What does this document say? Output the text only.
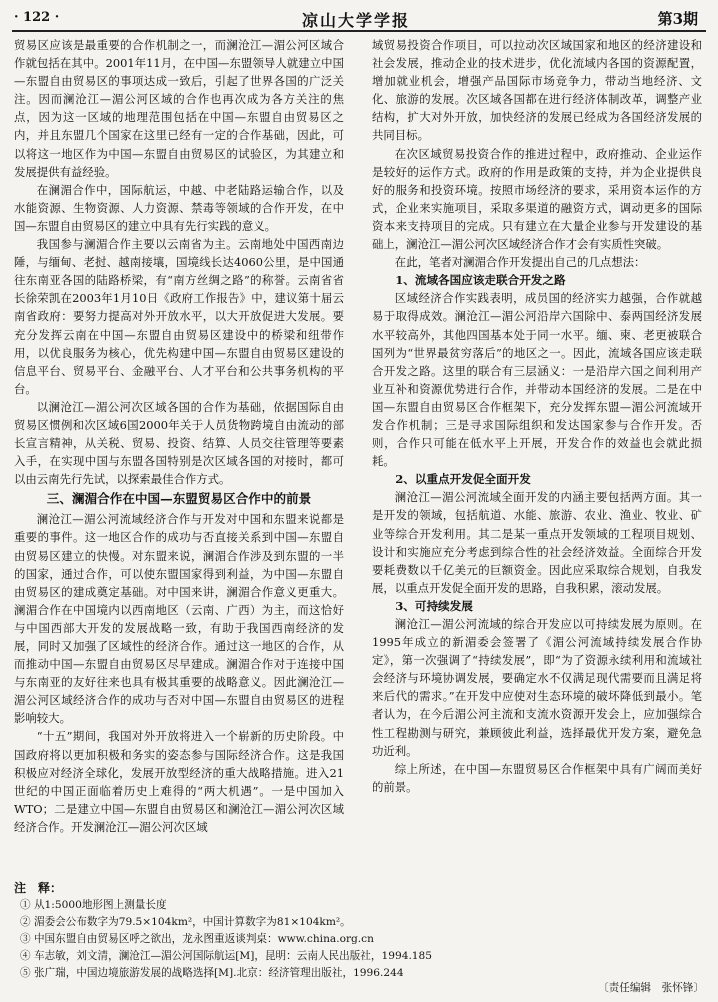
· 122 ·	凉山大学学报	第3期

贸易区应该是最重要的合作机制之一，而澜沧江—湄公河区域合作就包括在其中。2001年11月，在中国—东盟领导人就建立中国—东盟自由贸易区的事项达成一致后，引起了世界各国的广泛关注。因而澜沧江—湄公河区域的合作也再次成为各方关注的焦点，因为这一区域的地理范围包括在中国—东盟自由贸易区之内，并且东盟几个国家在这里已经有一定的合作基础，因此，可以将这一地区作为中国—东盟自由贸易区的试验区，为其建立和发展提供有益经验。

在澜湄合作中，国际航运，中越、中老陆路运输合作，以及水能资源、生物资源、人力资源、禁毒等领域的合作开发，在中国—东盟自由贸易区的建立中具有先行实践的意义。

我国参与澜湄合作主要以云南省为主。云南地处中国西南边陲，与缅甸、老挝、越南接壤，国境线长达4060公里，是中国通往东南亚各国的陆路桥梁，有“南方丝绸之路”的称誉。云南省省长徐荣凯在2003年1月10日《政府工作报告》中，建议第十届云南省政府：要努力提高对外开放水平，以大开放促进大发展。要充分发挥云南在中国—东盟自由贸易区建设中的桥梁和纽带作用，以优良服务为核心，优先构建中国—东盟自由贸易区建设的信息平台、贸易平台、金融平台、人才平台和公共事务机构的平台。

以澜沧江—湄公河次区域各国的合作为基础，依据国际自由贸易区惯例和次区域6国2000年关于人员货物跨境自由流动的部长宣言精神，从关税、贸易、投资、结算、人员交往管理等要素入手，在实现中国与东盟各国特别是次区域各国的对接时，都可以由云南先行先试，以探索最佳合作方式。

三、澜湄合作在中国—东盟贸易区合作中的前景

澜沧江—湄公河流域经济合作与开发对中国和东盟来说都是重要的事件。这一地区合作的成功与否直接关系到中国—东盟自由贸易区建立的快慢。对东盟来说，澜湄合作涉及到东盟的一半的国家，通过合作，可以使东盟国家得到利益，为中国—东盟自由贸易区的建成奠定基础。对中国来讲，澜湄合作意义更重大。澜湄合作在中国境内以西南地区（云南、广西）为主，而这恰好与中国西部大开发的发展战略一致，有助于我国西南经济的发展，同时又加强了区域性的经济合作。通过这一地区的合作，从而推动中国—东盟自由贸易区尽早建成。澜湄合作对于连接中国与东南亚的友好往来也具有极其重要的战略意义。因此澜沧江—湄公河区域经济合作的成功与否对中国—东盟自由贸易区的进程影响较大。

“十五”期间，我国对外开放将进入一个崭新的历史阶段。中国政府将以更加积极和务实的姿态参与国际经济合作。这是我国积极应对经济全球化，发展开放型经济的重大战略措施。进入21世纪的中国正面临着历史上难得的“两大机遇”。一是中国加入WTO；二是建立中国—东盟自由贸易区和澜沧江—湄公河次区域经济合作。开发澜沧江—湄公河次区域

域贸易投资合作项目，可以拉动次区域国家和地区的经济建设和社会发展，推动企业的技术进步，优化流域内各国的资源配置，增加就业机会，增强产品国际市场竞争力，带动当地经济、文化、旅游的发展。次区域各国都在进行经济体制改革，调整产业结构，扩大对外开放，加快经济的发展已经成为各国经济发展的共同目标。

在次区域贸易投资合作的推进过程中，政府推动、企业运作是较好的运作方式。政府的作用是政策的支持，并为企业提供良好的服务和投资环境。按照市场经济的要求，采用资本运作的方式，企业来实施项目，采取多渠道的融资方式，调动更多的国际资本来支持项目的完成。只有建立在大量企业参与开发建设的基础上，澜沧江—湄公河次区域经济合作才会有实质性突破。

在此，笔者对澜湄合作开发提出自己的几点想法：

1、流域各国应该走联合开发之路

区域经济合作实践表明，成员国的经济实力越强，合作就越易于取得成效。澜沧江—湄公河沿岸六国除中、泰两国经济发展水平较高外，其他四国基本处于同一水平。缅、柬、老更被联合国列为“世界最贫穷落后”的地区之一。因此，流域各国应该走联合开发之路。这里的联合有三层涵义：一是沿岸六国之间利用产业互补和资源优势进行合作，并带动本国经济的发展。二是在中国—东盟自由贸易区合作框架下，充分发挥东盟—湄公河流域开发合作机制；三是寻求国际组织和发达国家参与合作开发。否则，合作只可能在低水平上开展，开发合作的效益也会就此损耗。

2、以重点开发促全面开发

澜沧江—湄公河流域全面开发的内涵主要包括两方面。其一是开发的领域，包括航道、水能、旅游、农业、渔业、牧业、矿业等综合开发利用。其二是某一重点开发领域的工程项目规划、设计和实施应充分考虑到综合性的社会经济效益。全面综合开发要耗费数以千亿美元的巨额资金。因此应采取综合规划，自我发展，以重点开发促全面开发的思路，自我积累，滚动发展。

3、可持续发展

澜沧江—湄公河流域的综合开发应以可持续发展为原则。在1995年成立的新湄委会签署了《湄公河流域持续发展合作协定》，第一次强调了“持续发展”，即“为了资源永续利用和流域社会经济与环境协调发展，要确定水不仅满足现代需要而且满足将来后代的需求。”在开发中应使对生态环境的破坏降低到最小。笔者认为，在今后湄公河主流和支流水资源开发会上，应加强综合性工程勘测与研究，兼顾彼此利益，选择最优开发方案，避免急功近利。

综上所述，在中国—东盟贸易区合作框架中具有广阔而美好的前景。

注　释：
① 从1:5000地形图上测量长度
② 湄委会公布数字为79.5×104km²，中国计算数字为81×104km²。
③ 中国东盟自由贸易区呼之欲出，龙永图重返谈判桌：www.china.org.cn
④ 车志敏，刘文清，澜沧江—湄公河国际航运[M]，昆明：云南人民出版社，1994.185
⑤ 张广瑞，中国边境旅游发展的战略选择[M].北京：经济管理出版社，1996.244
〔责任编辑　张怀锋〕
